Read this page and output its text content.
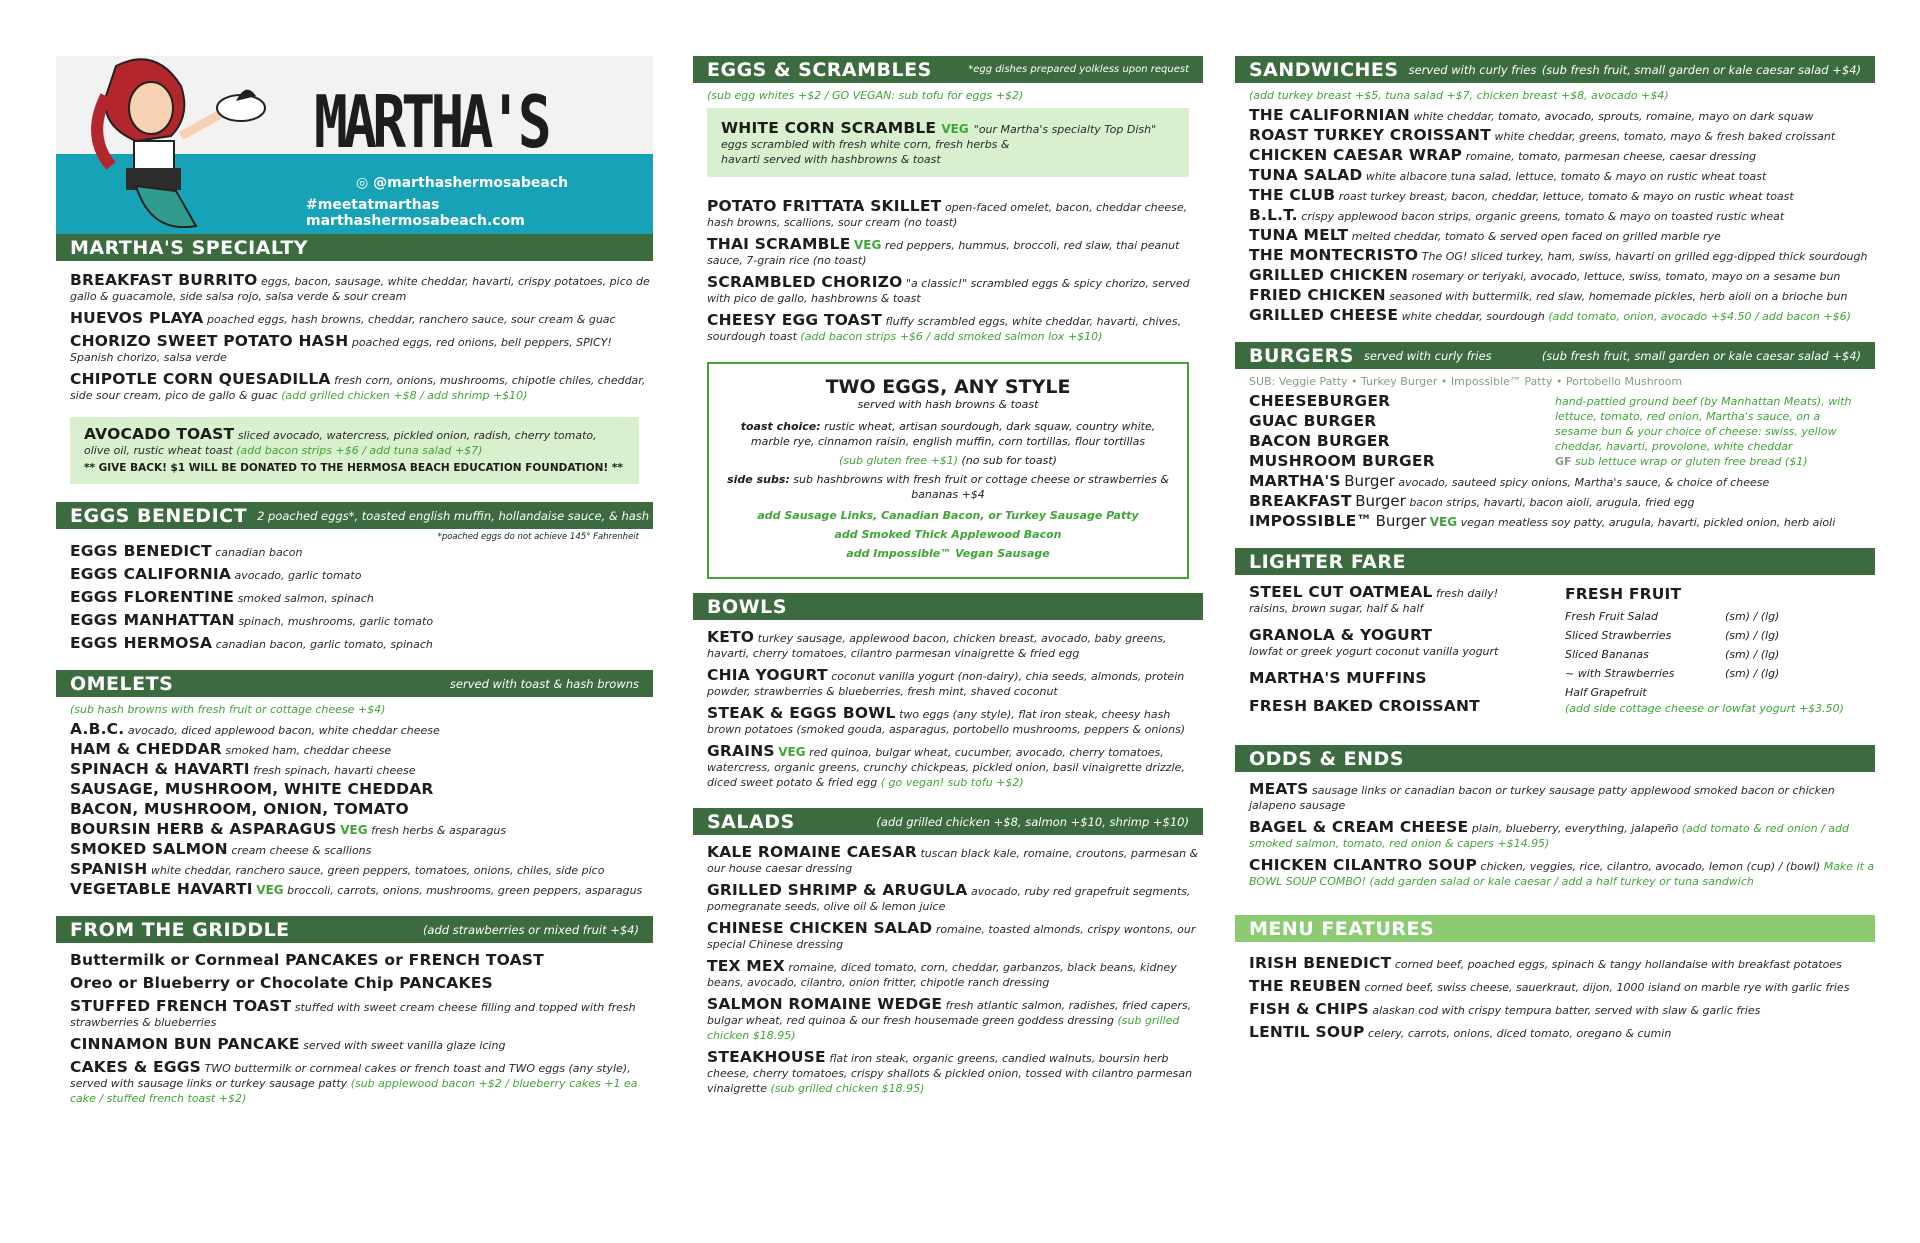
MARTHA'S
◎ @marthashermosabeach
#meetatmarthas  marthashermosabeach.com
MARTHA'S SPECIALTY
BREAKFAST BURRITO eggs, bacon, sausage, white cheddar, havarti, crispy potatoes, pico de gallo & guacamole, side salsa rojo, salsa verde & sour cream
HUEVOS PLAYA poached eggs, hash browns, cheddar, ranchero sauce, sour cream & guac
CHORIZO SWEET POTATO HASH poached eggs, red onions, bell peppers, SPICY! Spanish chorizo, salsa verde
CHIPOTLE CORN QUESADILLA fresh corn, onions, mushrooms, chipotle chiles, cheddar, side sour cream, pico de gallo & guac (add grilled chicken +$8 / add shrimp +$10)
AVOCADO TOAST sliced avocado, watercress, pickled onion, radish, cherry tomato, olive oil, rustic wheat toast (add bacon strips +$6 / add tuna salad +$7)
** GIVE BACK! $1 WILL BE DONATED TO THE HERMOSA BEACH EDUCATION FOUNDATION! **
EGGS BENEDICT 2 poached eggs*, toasted english muffin, hollandaise sauce, & hash browns
*poached eggs do not achieve 145° Fahrenheit
EGGS BENEDICT canadian bacon
EGGS CALIFORNIA avocado, garlic tomato
EGGS FLORENTINE smoked salmon, spinach
EGGS MANHATTAN spinach, mushrooms, garlic tomato
EGGS HERMOSA canadian bacon, garlic tomato, spinach
OMELETS	served with toast & hash browns
(sub hash browns with fresh fruit or cottage cheese +$4)
A.B.C. avocado, diced applewood bacon, white cheddar cheese
HAM & CHEDDAR smoked ham, cheddar cheese
SPINACH & HAVARTI fresh spinach, havarti cheese
SAUSAGE, MUSHROOM, WHITE CHEDDAR
BACON, MUSHROOM, ONION, TOMATO
BOURSIN HERB & ASPARAGUS VEG fresh herbs & asparagus
SMOKED SALMON cream cheese & scallions
SPANISH white cheddar, ranchero sauce, green peppers, tomatoes, onions, chiles, side pico
VEGETABLE HAVARTI VEG broccoli, carrots, onions, mushrooms, green peppers, asparagus
FROM THE GRIDDLE	(add strawberries or mixed fruit +$4)
Buttermilk or Cornmeal PANCAKES or FRENCH TOAST
Oreo or Blueberry or Chocolate Chip PANCAKES
STUFFED FRENCH TOAST stuffed with sweet cream cheese filling and topped with fresh strawberries & blueberries
CINNAMON BUN PANCAKE served with sweet vanilla glaze icing
CAKES & EGGS TWO buttermilk or cornmeal cakes or french toast and TWO eggs (any style), served with sausage links or turkey sausage patty (sub applewood bacon +$2 / blueberry cakes +1 ea cake / stuffed french toast +$2)
EGGS & SCRAMBLES	*egg dishes prepared yolkless upon request
(sub egg whites +$2 / GO VEGAN: sub tofu for eggs +$2)
WHITE CORN SCRAMBLE VEG "our Martha's specialty Top Dish"
eggs scrambled with fresh white corn, fresh herbs & havarti served with hashbrowns & toast
POTATO FRITTATA SKILLET open-faced omelet, bacon, cheddar cheese, hash browns, scallions, sour cream (no toast)
THAI SCRAMBLE VEG red peppers, hummus, broccoli, red slaw, thai peanut sauce, 7-grain rice (no toast)
SCRAMBLED CHORIZO "a classic!" scrambled eggs & spicy chorizo, served with pico de gallo, hashbrowns & toast
CHEESY EGG TOAST fluffy scrambled eggs, white cheddar, havarti, chives, sourdough toast (add bacon strips +$6 / add smoked salmon lox +$10)
TWO EGGS, ANY STYLE
served with hash browns & toast
toast choice: rustic wheat, artisan sourdough, dark squaw, country white, marble rye, cinnamon raisin, english muffin, corn tortillas, flour tortillas
(sub gluten free +$1) (no sub for toast)
side subs: sub hashbrowns with fresh fruit or cottage cheese or strawberries & bananas +$4
add Sausage Links, Canadian Bacon, or Turkey Sausage Patty
add Smoked Thick Applewood Bacon
add Impossible™ Vegan Sausage
BOWLS
KETO turkey sausage, applewood bacon, chicken breast, avocado, baby greens, havarti, cherry tomatoes, cilantro parmesan vinaigrette & fried egg
CHIA YOGURT coconut vanilla yogurt (non-dairy), chia seeds, almonds, protein powder, strawberries & blueberries, fresh mint, shaved coconut
STEAK & EGGS BOWL two eggs (any style), flat iron steak, cheesy hash brown potatoes (smoked gouda, asparagus, portobello mushrooms, peppers & onions)
GRAINS VEG red quinoa, bulgar wheat, cucumber, avocado, cherry tomatoes, watercress, organic greens, crunchy chickpeas, pickled onion, basil vinaigrette drizzle, diced sweet potato & fried egg ( go vegan! sub tofu +$2)
SALADS	(add grilled chicken +$8, salmon +$10, shrimp +$10)
KALE ROMAINE CAESAR tuscan black kale, romaine, croutons, parmesan & our house caesar dressing
GRILLED SHRIMP & ARUGULA avocado, ruby red grapefruit segments, pomegranate seeds, olive oil & lemon juice
CHINESE CHICKEN SALAD romaine, toasted almonds, crispy wontons, our special Chinese dressing
TEX MEX romaine, diced tomato, corn, cheddar, garbanzos, black beans, kidney beans, avocado, cilantro, onion fritter, chipotle ranch dressing
SALMON ROMAINE WEDGE fresh atlantic salmon, radishes, fried capers, bulgar wheat, red quinoa & our fresh housemade green goddess dressing (sub grilled chicken $18.95)
STEAKHOUSE flat iron steak, organic greens, candied walnuts, boursin herb cheese, cherry tomatoes, crispy shallots & pickled onion, tossed with cilantro parmesan vinaigrette (sub grilled chicken $18.95)
SANDWICHES served with curly fries (sub fresh fruit, small garden or kale caesar salad +$4)
(add turkey breast +$5, tuna salad +$7, chicken breast +$8, avocado +$4)
THE CALIFORNIAN white cheddar, tomato, avocado, sprouts, romaine, mayo on dark squaw
ROAST TURKEY CROISSANT white cheddar, greens, tomato, mayo & fresh baked croissant
CHICKEN CAESAR WRAP romaine, tomato, parmesan cheese, caesar dressing
TUNA SALAD white albacore tuna salad, lettuce, tomato & mayo on rustic wheat toast
THE CLUB roast turkey breast, bacon, cheddar, lettuce, tomato & mayo on rustic wheat toast
B.L.T. crispy applewood bacon strips, organic greens, tomato & mayo on toasted rustic wheat
TUNA MELT melted cheddar, tomato & served open faced on grilled marble rye
THE MONTECRISTO The OG! sliced turkey, ham, swiss, havarti on grilled egg-dipped thick sourdough
GRILLED CHICKEN rosemary or teriyaki, avocado, lettuce, swiss, tomato, mayo on a sesame bun
FRIED CHICKEN seasoned with buttermilk, red slaw, homemade pickles, herb aioli on a brioche bun
GRILLED CHEESE white cheddar, sourdough (add tomato, onion, avocado +$4.50 / add bacon +$6)
BURGERS served with curly fries	(sub fresh fruit, small garden or kale caesar salad +$4)
SUB: Veggie Patty • Turkey Burger • Impossible™ Patty • Portobello Mushroom
CHEESEBURGER
GUAC BURGER
BACON BURGER
MUSHROOM BURGER
hand-pattied ground beef (by Manhattan Meats), with lettuce, tomato, red onion, Martha's sauce, on a sesame bun & your choice of cheese: swiss, yellow cheddar, havarti, provolone, white cheddar
GF sub lettuce wrap or gluten free bread ($1)
MARTHA'S Burger avocado, sauteed spicy onions, Martha's sauce, & choice of cheese
BREAKFAST Burger bacon strips, havarti, bacon aioli, arugula, fried egg
IMPOSSIBLE™ Burger VEG vegan meatless soy patty, arugula, havarti, pickled onion, herb aioli
LIGHTER FARE
STEEL CUT OATMEAL fresh daily!
raisins, brown sugar, half & half
GRANOLA & YOGURT
lowfat or greek yogurt coconut vanilla yogurt
MARTHA'S MUFFINS
FRESH BAKED CROISSANT
FRESH FRUIT
Fresh Fruit Salad	(sm) / (lg)
Sliced Strawberries	(sm) / (lg)
Sliced Bananas	(sm) / (lg)
~ with Strawberries	(sm) / (lg)
Half Grapefruit
(add side cottage cheese or lowfat yogurt +$3.50)
ODDS & ENDS
MEATS sausage links or canadian bacon or turkey sausage patty applewood smoked bacon or chicken jalapeno sausage
BAGEL & CREAM CHEESE plain, blueberry, everything, jalapeño (add tomato & red onion / add smoked salmon, tomato, red onion & capers +$14.95)
CHICKEN CILANTRO SOUP chicken, veggies, rice, cilantro, avocado, lemon (cup) / (bowl) Make it a BOWL SOUP COMBO! (add garden salad or kale caesar / add a half turkey or tuna sandwich
MENU FEATURES
IRISH BENEDICT corned beef, poached eggs, spinach & tangy hollandaise with breakfast potatoes
THE REUBEN corned beef, swiss cheese, sauerkraut, dijon, 1000 island on marble rye with garlic fries
FISH & CHIPS alaskan cod with crispy tempura batter, served with slaw & garlic fries
LENTIL SOUP celery, carrots, onions, diced tomato, oregano & cumin
